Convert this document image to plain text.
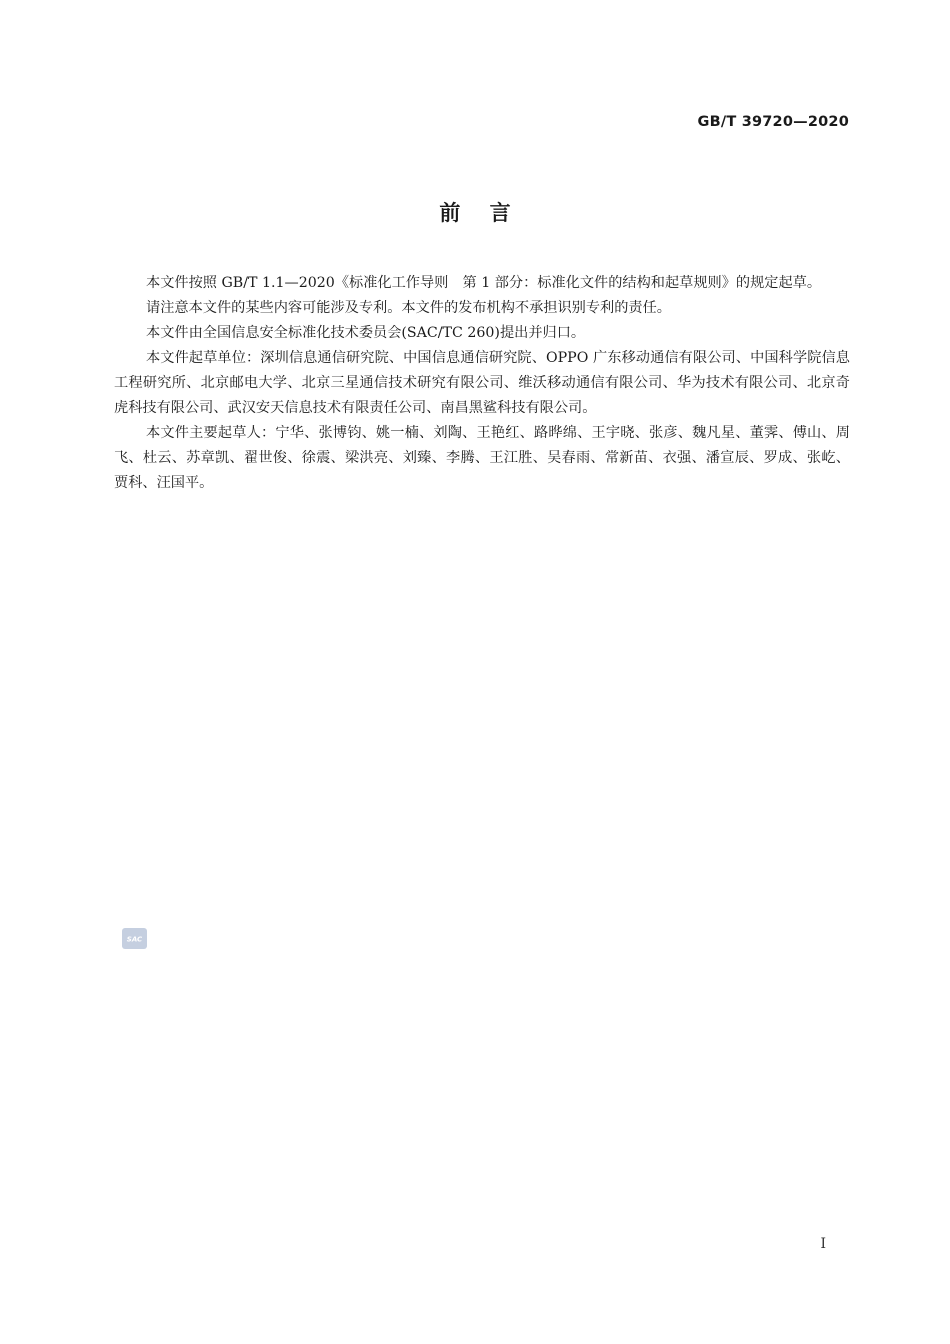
GB/T 39720—2020
前    言

本文件按照 GB/T 1.1—2020《标准化工作导则　第 1 部分：标准化文件的结构和起草规则》的规定起草。

请注意本文件的某些内容可能涉及专利。本文件的发布机构不承担识别专利的责任。

本文件由全国信息安全标准化技术委员会(SAC/TC 260)提出并归口。

本文件起草单位：深圳信息通信研究院、中国信息通信研究院、OPPO 广东移动通信有限公司、中国科学院信息工程研究所、北京邮电大学、北京三星通信技术研究有限公司、维沃移动通信有限公司、华为技术有限公司、北京奇虎科技有限公司、武汉安天信息技术有限责任公司、南昌黑鲨科技有限公司。

本文件主要起草人：宁华、张博钧、姚一楠、刘陶、王艳红、路晔绵、王宇晓、张彦、魏凡星、董霁、傅山、周飞、杜云、苏章凯、翟世俊、徐震、梁洪亮、刘臻、李腾、王江胜、吴春雨、常新苗、衣强、潘宣辰、罗成、张屹、贾科、汪国平。

SAC
I
